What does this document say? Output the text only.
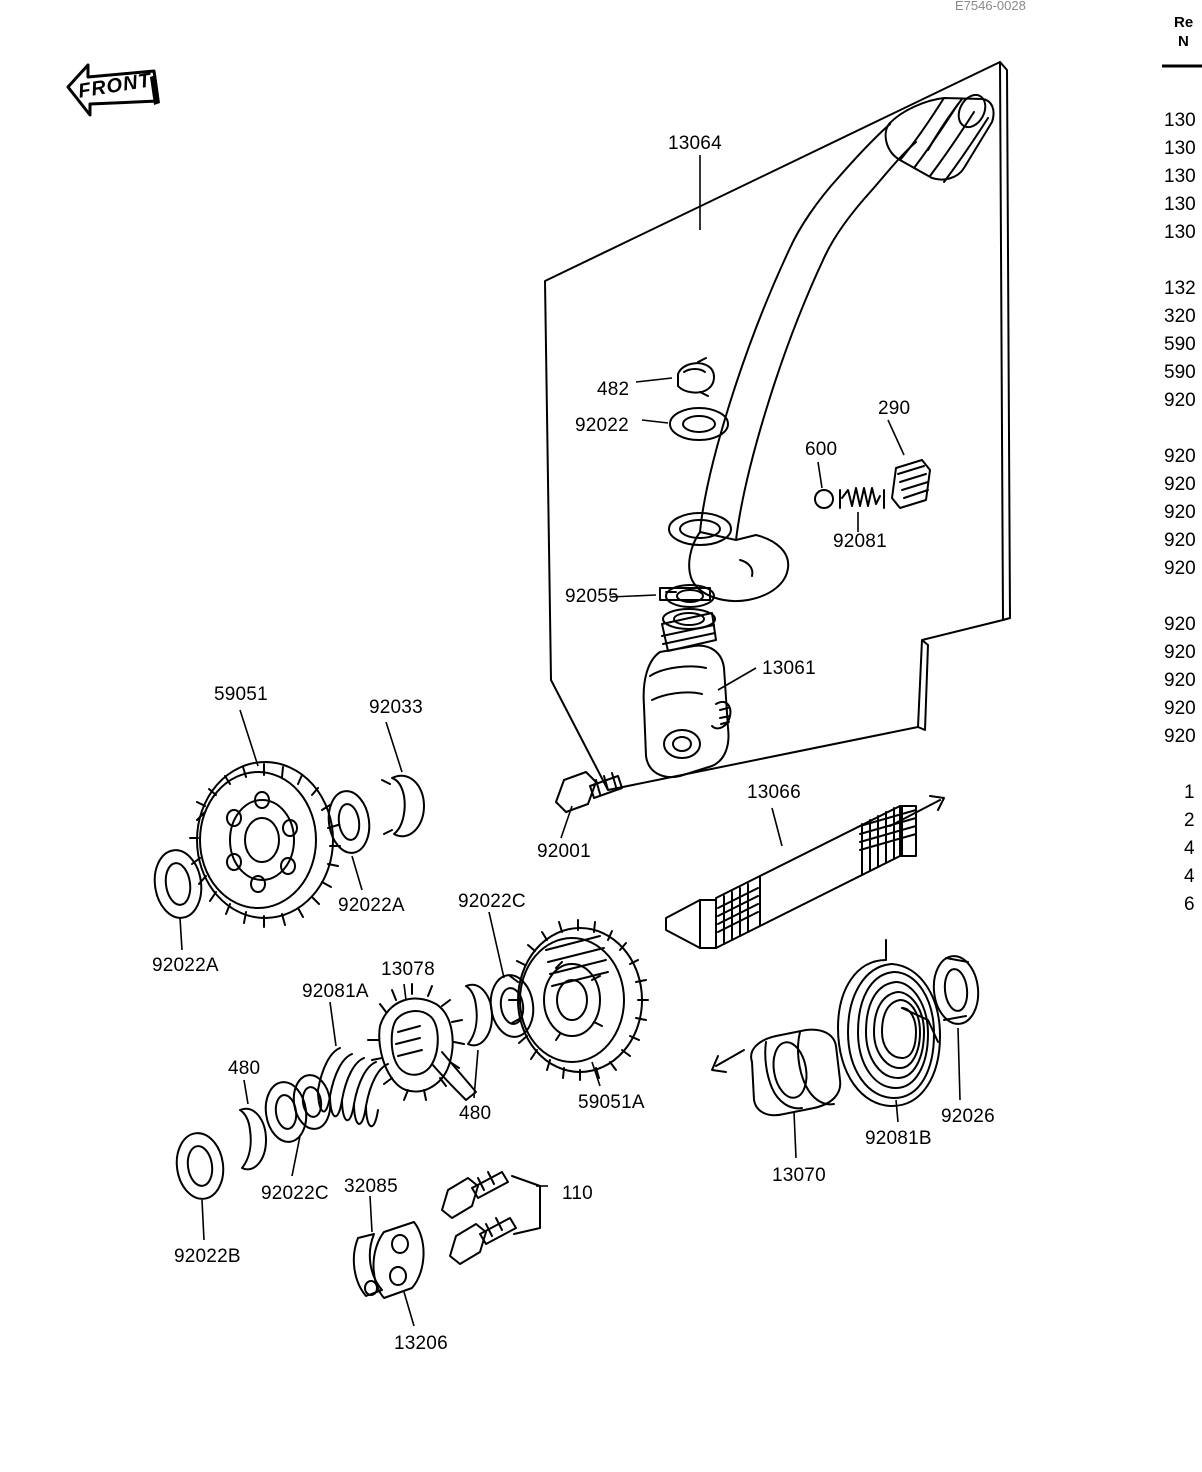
E7546-0028
FRONT
13064
482
92022
290
600
92081
92055
13061
92001
59051
92033
92022A
92022A
92022C
13078
92081A
480
480
59051A
92022C
92022B
32085	110
13206
13066
13070
92081B
92026
Re
N
130
130
130
130
130
132
320
590
590
920
920
920
920
920
920
920
920
920
920
920
1
2
4
4
6
